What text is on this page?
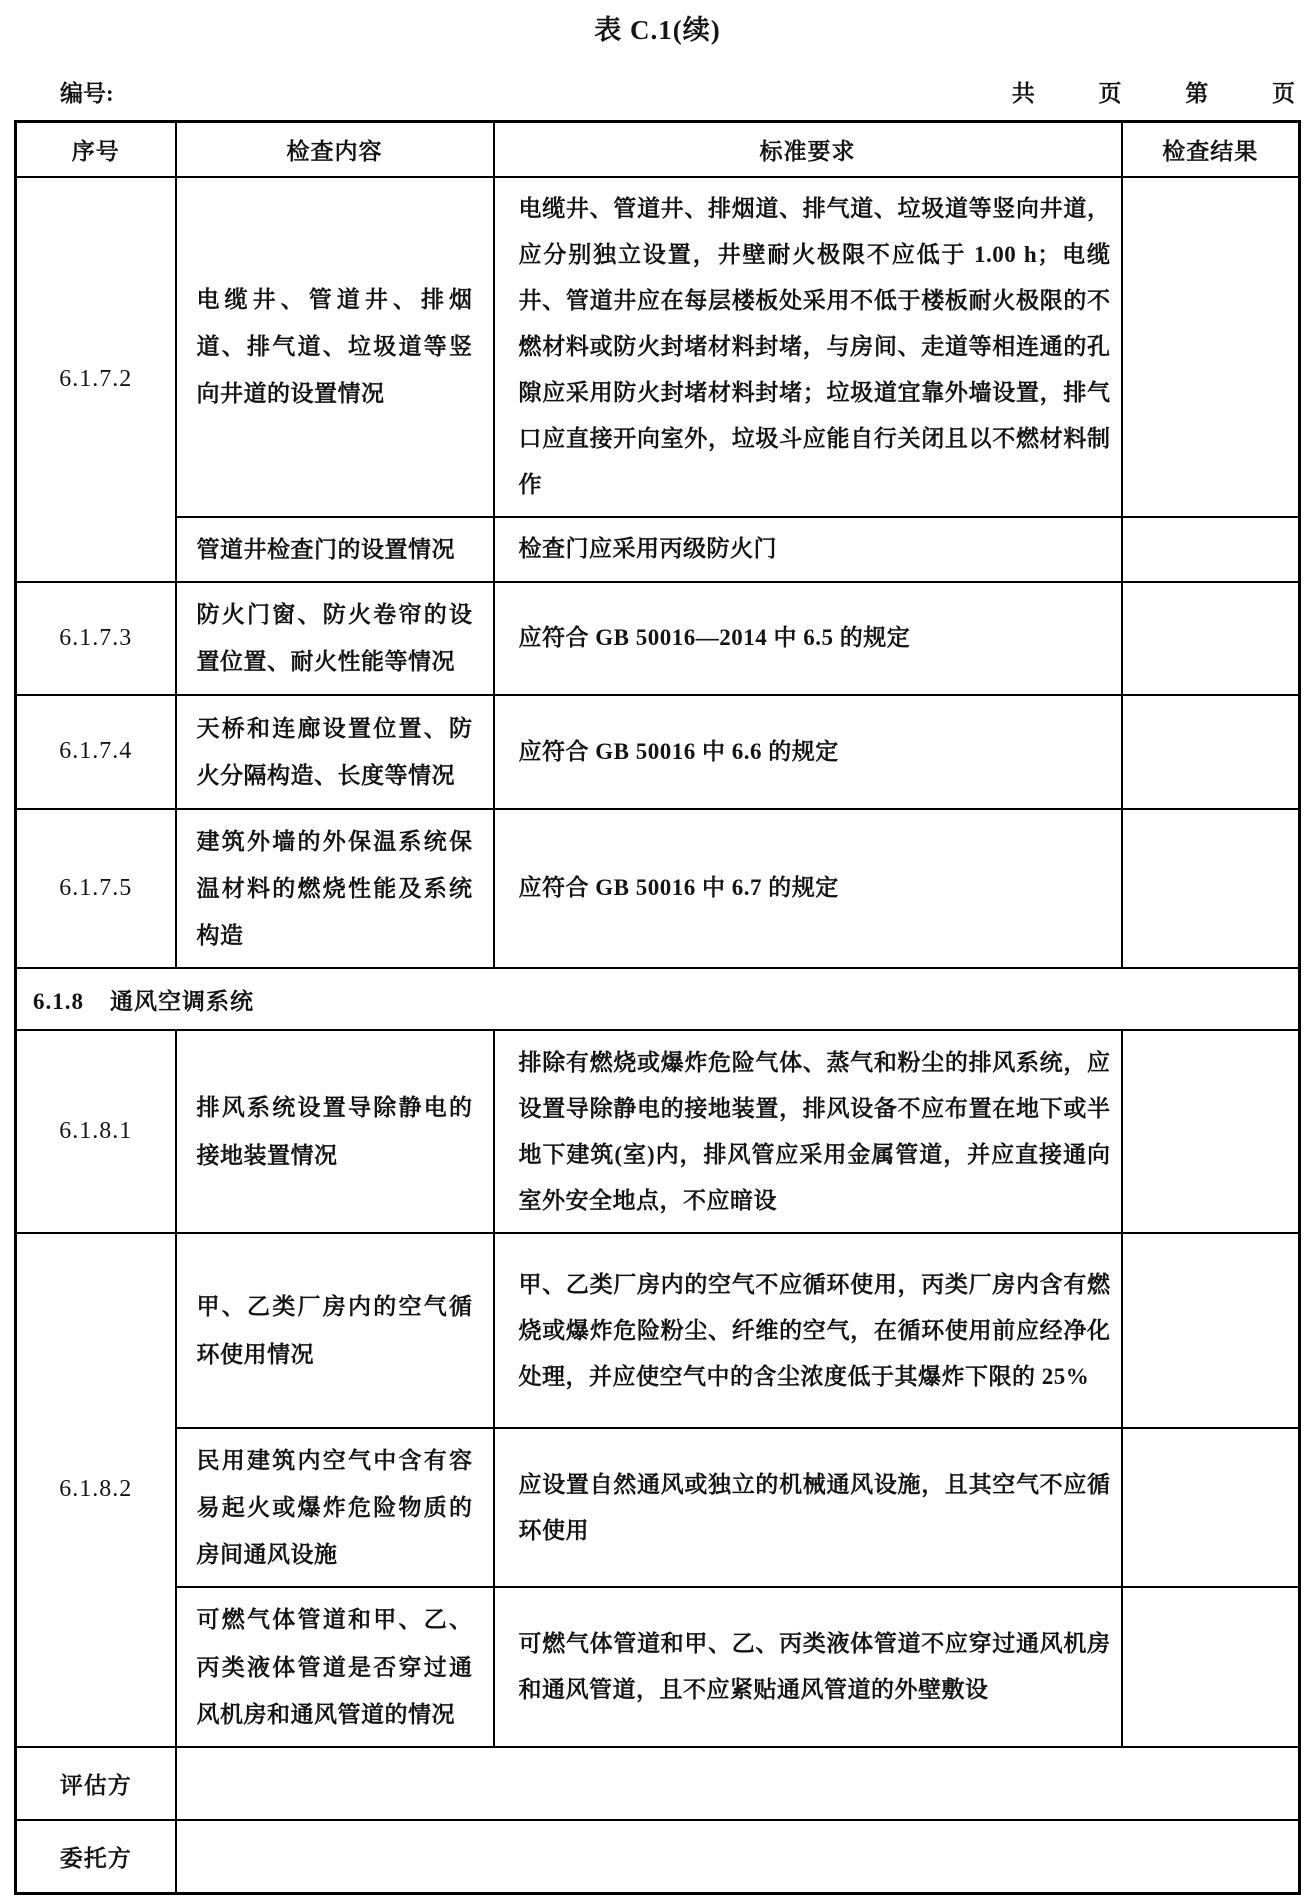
表 C.1(续)
编号:	共	页	第	页
序号	检查内容	标准要求	检查结果
6.1.7.2	电缆井、管道井、排烟道、排气道、垃圾道等竖向井道的设置情况	电缆井、管道井、排烟道、排气道、垃圾道等竖向井道，应分别独立设置，井壁耐火极限不应低于 1.00 h；电缆井、管道井应在每层楼板处采用不低于楼板耐火极限的不燃材料或防火封堵材料封堵，与房间、走道等相连通的孔隙应采用防火封堵材料封堵；垃圾道宜靠外墙设置，排气口应直接开向室外，垃圾斗应能自行关闭且以不燃材料制作	
	管道井检查门的设置情况	检查门应采用丙级防火门	
6.1.7.3	防火门窗、防火卷帘的设置位置、耐火性能等情况	应符合 GB 50016—2014 中 6.5 的规定	
6.1.7.4	天桥和连廊设置位置、防火分隔构造、长度等情况	应符合 GB 50016 中 6.6 的规定	
6.1.7.5	建筑外墙的外保温系统保温材料的燃烧性能及系统构造	应符合 GB 50016 中 6.7 的规定	
6.1.8 通风空调系统			
6.1.8.1	排风系统设置导除静电的接地装置情况	排除有燃烧或爆炸危险气体、蒸气和粉尘的排风系统，应设置导除静电的接地装置，排风设备不应布置在地下或半地下建筑(室)内，排风管应采用金属管道，并应直接通向室外安全地点，不应暗设	
6.1.8.2	甲、乙类厂房内的空气循环使用情况	甲、乙类厂房内的空气不应循环使用，丙类厂房内含有燃烧或爆炸危险粉尘、纤维的空气，在循环使用前应经净化处理，并应使空气中的含尘浓度低于其爆炸下限的 25%	
	民用建筑内空气中含有容易起火或爆炸危险物质的房间通风设施	应设置自然通风或独立的机械通风设施，且其空气不应循环使用	
	可燃气体管道和甲、乙、丙类液体管道是否穿过通风机房和通风管道的情况	可燃气体管道和甲、乙、丙类液体管道不应穿过通风机房和通风管道，且不应紧贴通风管道的外壁敷设	
评估方			
委托方			
